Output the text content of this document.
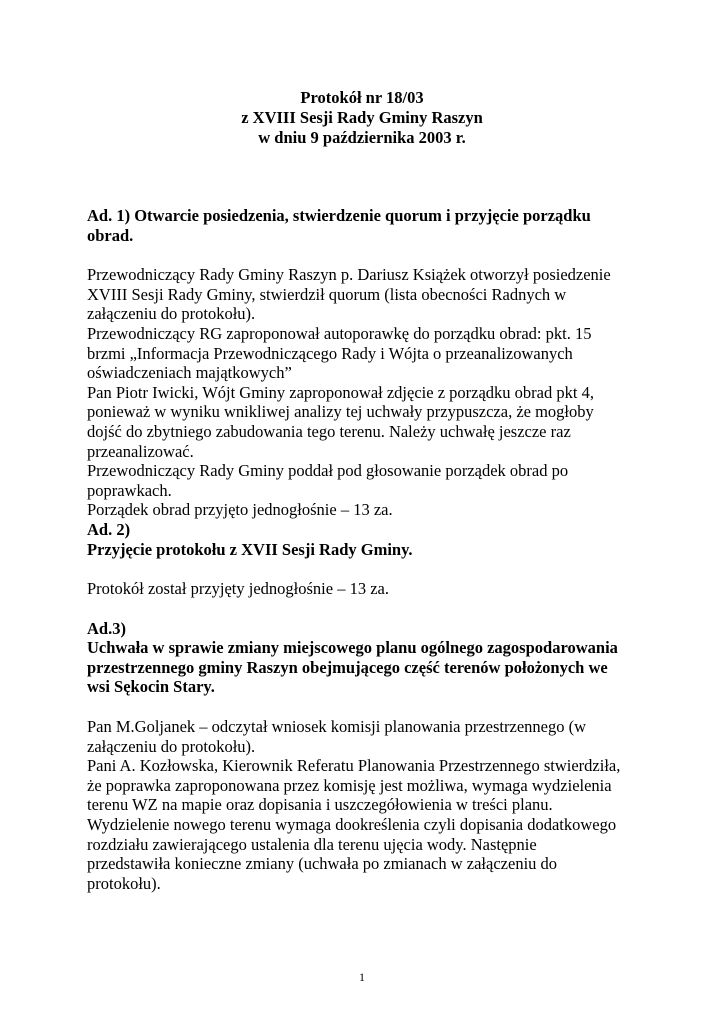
Protokół nr 18/03
z XVIII Sesji Rady Gminy Raszyn
w dniu 9 października 2003 r.

Ad. 1) Otwarcie posiedzenia, stwierdzenie quorum i przyjęcie porządku

obrad.

Przewodniczący Rady Gminy Raszyn p. Dariusz Książek otworzył posiedzenie

XVIII Sesji Rady Gminy, stwierdził quorum (lista obecności Radnych w

załączeniu do protokołu).

Przewodniczący RG zaproponował autoporawkę do porządku obrad: pkt. 15

brzmi „Informacja Przewodniczącego Rady i Wójta o przeanalizowanych

oświadczeniach majątkowych”

Pan Piotr Iwicki, Wójt Gminy zaproponował zdjęcie z porządku obrad pkt 4,

ponieważ w wyniku wnikliwej analizy tej uchwały przypuszcza, że mogłoby

dojść do zbytniego zabudowania tego terenu. Należy uchwałę jeszcze raz

przeanalizować.

Przewodniczący Rady Gminy poddał pod głosowanie porządek obrad po

poprawkach.

Porządek obrad przyjęto jednogłośnie – 13 za.

Ad. 2)

Przyjęcie protokołu z XVII Sesji Rady Gminy.

Protokół został przyjęty jednogłośnie – 13 za.

Ad.3)

Uchwała w sprawie zmiany miejscowego planu ogólnego zagospodarowania

przestrzennego gminy Raszyn obejmującego część terenów położonych we

wsi Sękocin Stary.

Pan M.Goljanek – odczytał wniosek komisji planowania przestrzennego (w

załączeniu do protokołu).

Pani A. Kozłowska, Kierownik Referatu Planowania Przestrzennego stwierdziła,

że poprawka zaproponowana przez komisję jest możliwa, wymaga wydzielenia

terenu WZ na mapie oraz dopisania i uszczegółowienia w treści planu.

Wydzielenie nowego terenu wymaga dookreślenia czyli dopisania dodatkowego

rozdziału zawierającego ustalenia dla terenu ujęcia wody. Następnie

przedstawiła konieczne zmiany (uchwała po zmianach w załączeniu do

protokołu).

1
